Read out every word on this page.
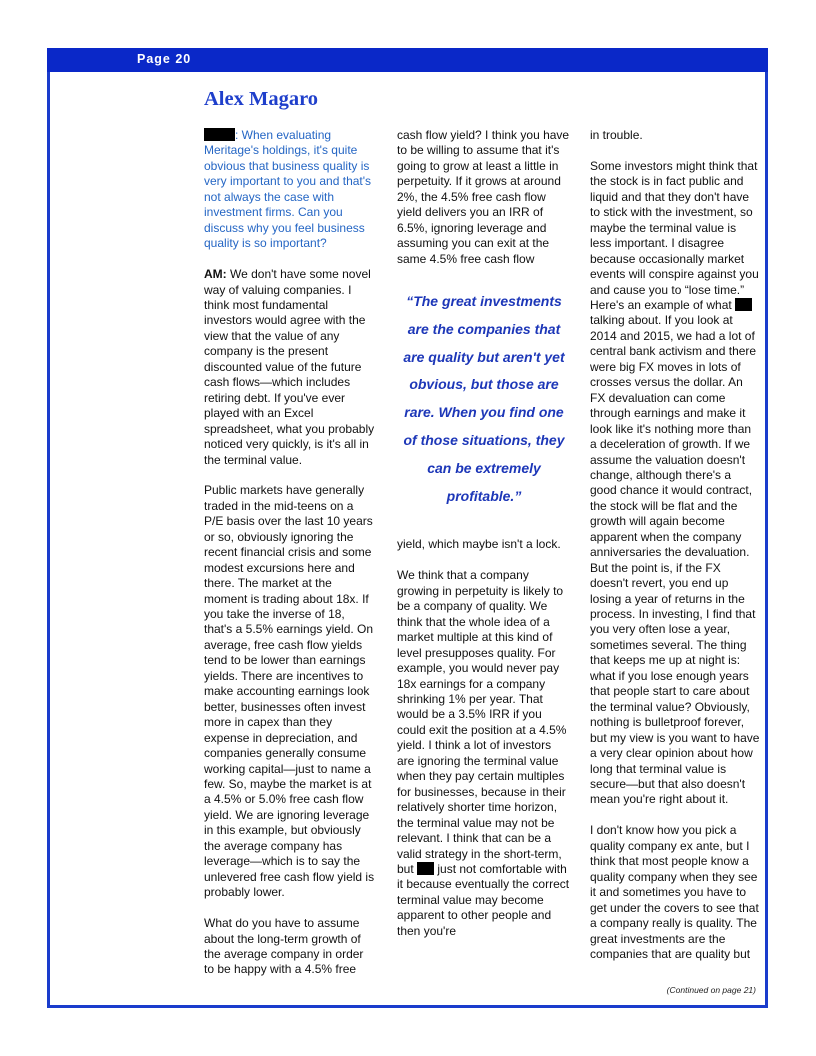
Page 20
Alex Magaro

: When evaluating Meritage's holdings, it's quite obvious that business quality is very important to you and that's not always the case with investment firms. Can you discuss why you feel business quality is so important?

AM: We don't have some novel way of valuing companies. I think most fundamental investors would agree with the view that the value of any company is the present discounted value of the future cash flows—which includes retiring debt. If you've ever played with an Excel spreadsheet, what you probably noticed very quickly, is it's all in the terminal value.

Public markets have generally traded in the mid-teens on a P/E basis over the last 10 years or so, obviously ignoring the recent financial crisis and some modest excursions here and there. The market at the moment is trading about 18x. If you take the inverse of 18, that's a 5.5% earnings yield. On average, free cash flow yields tend to be lower than earnings yields. There are incentives to make accounting earnings look better, businesses often invest more in capex than they expense in depreciation, and companies generally consume working capital—just to name a few. So, maybe the market is at a 4.5% or 5.0% free cash flow yield. We are ignoring leverage in this example, but obviously the average company has leverage—which is to say the unlevered free cash flow yield is probably lower.

What do you have to assume about the long-term growth of the average company in order to be happy with a 4.5% free

cash flow yield? I think you have to be willing to assume that it's going to grow at least a little in perpetuity. If it grows at around 2%, the 4.5% free cash flow yield delivers you an IRR of 6.5%, ignoring leverage and assuming you can exit at the same 4.5% free cash flow

“The great investments are the companies that are quality but aren't yet obvious, but those are rare. When you find one of those situations, they can be extremely profitable.”

yield, which maybe isn't a lock.

We think that a company growing in perpetuity is likely to be a company of quality. We think that the whole idea of a market multiple at this kind of level presupposes quality. For example, you would never pay 18x earnings for a company shrinking 1% per year. That would be a 3.5% IRR if you could exit the position at a 4.5% yield. I think a lot of investors are ignoring the terminal value when they pay certain multiples for businesses, because in their relatively shorter time horizon, the terminal value may not be relevant. I think that can be a valid strategy in the short-term, but  just not comfortable with it because eventually the correct terminal value may become apparent to other people and then you're

in trouble.

Some investors might think that the stock is in fact public and liquid and that they don't have to stick with the investment, so maybe the terminal value is less important. I disagree because occasionally market events will conspire against you and cause you to “lose time.” Here's an example of what  talking about. If you look at 2014 and 2015, we had a lot of central bank activism and there were big FX moves in lots of crosses versus the dollar. An FX devaluation can come through earnings and make it look like it's nothing more than a deceleration of growth. If we assume the valuation doesn't change, although there's a good chance it would contract, the stock will be flat and the growth will again become apparent when the company anniversaries the devaluation. But the point is, if the FX doesn't revert, you end up losing a year of returns in the process. In investing, I find that you very often lose a year, sometimes several. The thing that keeps me up at night is: what if you lose enough years that people start to care about the terminal value? Obviously, nothing is bulletproof forever, but my view is you want to have a very clear opinion about how long that terminal value is secure—but that also doesn't mean you're right about it.

I don't know how you pick a quality company ex ante, but I think that most people know a quality company when they see it and sometimes you have to get under the covers to see that a company really is quality. The great investments are the companies that are quality but

(Continued on page 21)
